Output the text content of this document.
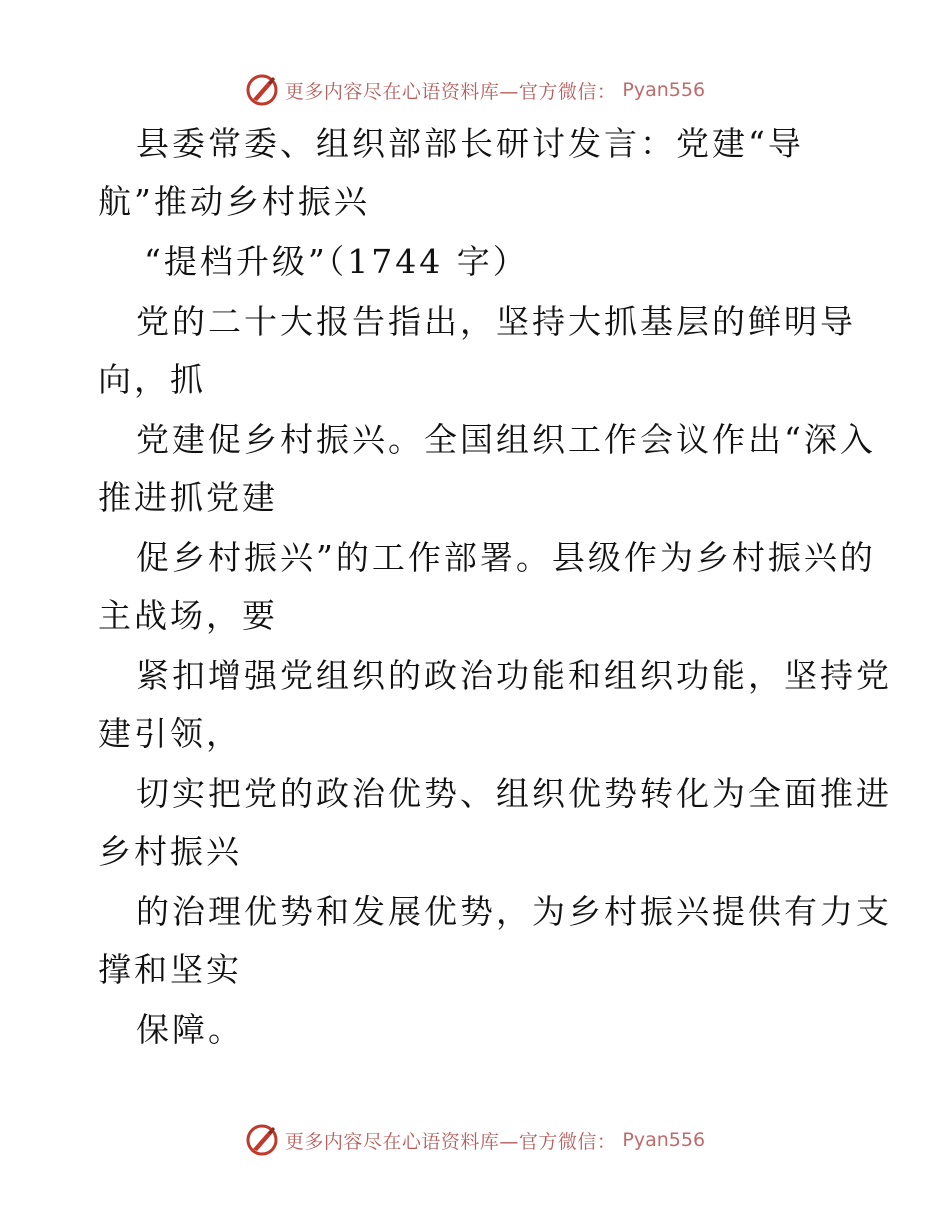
更多内容尽在心语资料库—官方微信： Pyan556
县委常委、组织部部长研讨发言：党建“导
航”推动乡村振兴
“提档升级”（1744 字）
党的二十大报告指出，坚持大抓基层的鲜明导
向，抓
党建促乡村振兴。全国组织工作会议作出“深入
推进抓党建
促乡村振兴”的工作部署。县级作为乡村振兴的
主战场，要
紧扣增强党组织的政治功能和组织功能，坚持党
建引领，
切实把党的政治优势、组织优势转化为全面推进
乡村振兴
的治理优势和发展优势，为乡村振兴提供有力支
撑和坚实
保障。
更多内容尽在心语资料库—官方微信： Pyan556
